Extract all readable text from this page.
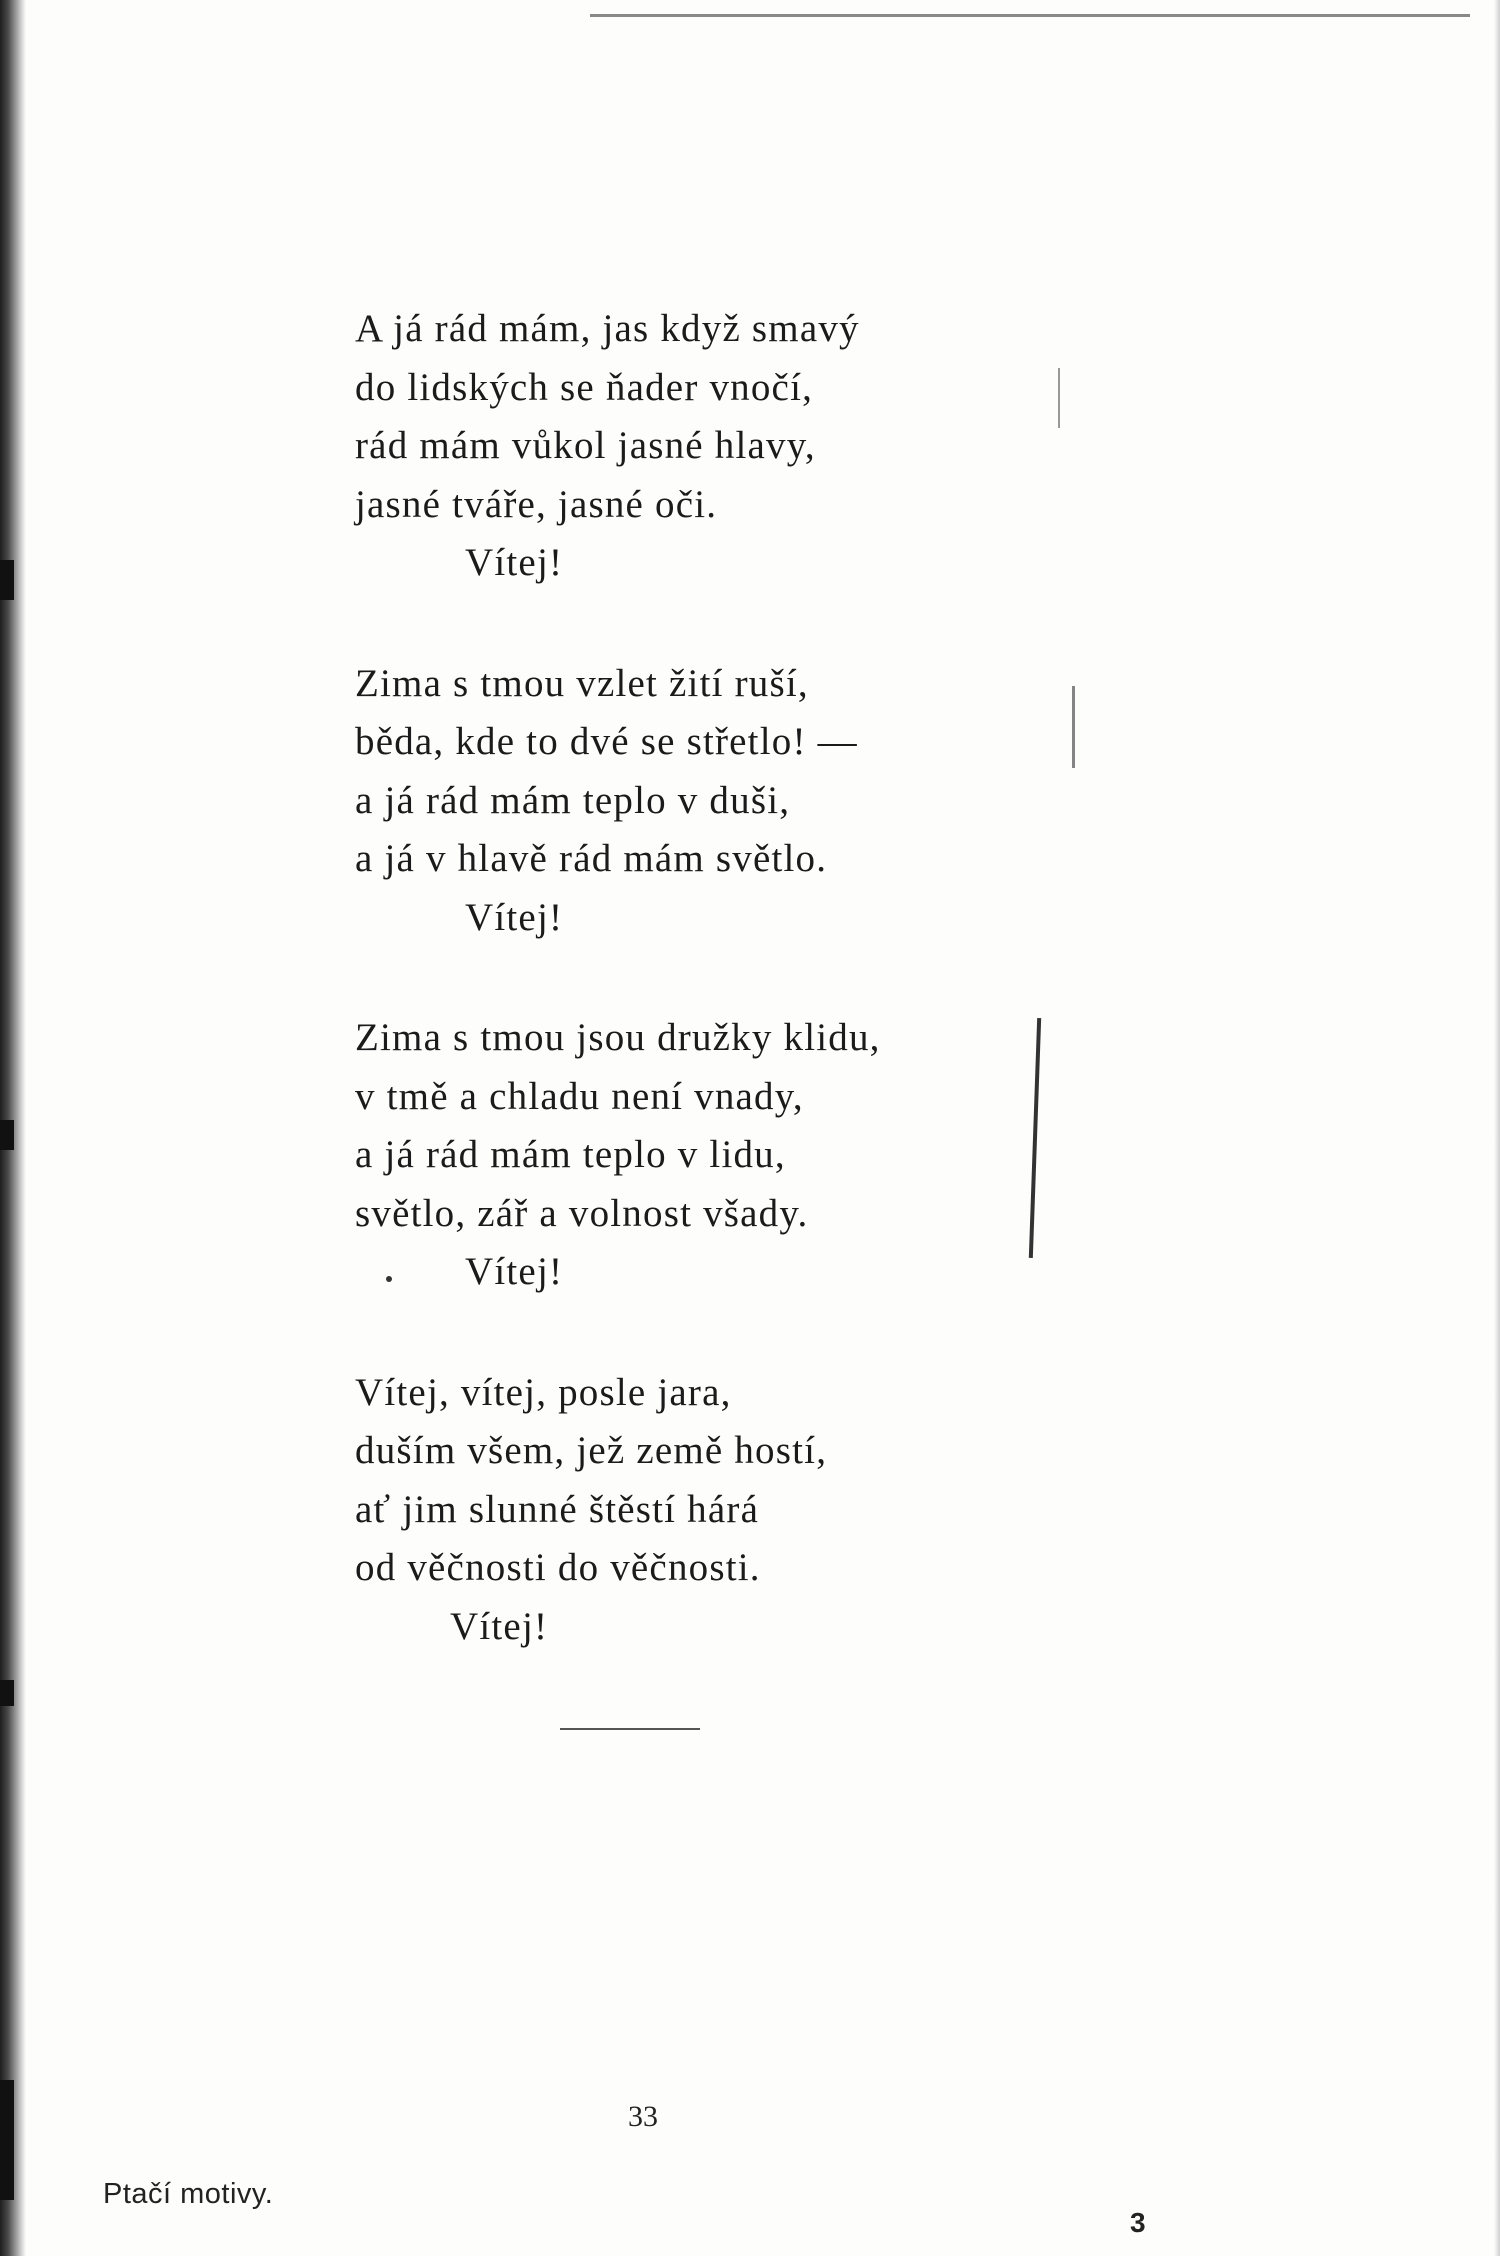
A já rád mám, jas když smavý
do lidských se ňader vnočí,
rád mám vůkol jasné hlavy,
jasné tváře, jasné oči.
Vítej!
Zima s tmou vzlet žití ruší,
běda, kde to dvé se střetlo! —
a já rád mám teplo v duši,
a já v hlavě rád mám světlo.
Vítej!
Zima s tmou jsou družky klidu,
v tmě a chladu není vnady,
a já rád mám teplo v lidu,
světlo, zář a volnost všady.
Vítej!
Vítej, vítej, posle jara,
duším všem, jež země hostí,
ať jim slunné štěstí hárá
od věčnosti do věčnosti.
Vítej!
33
Ptačí motivy.
3
